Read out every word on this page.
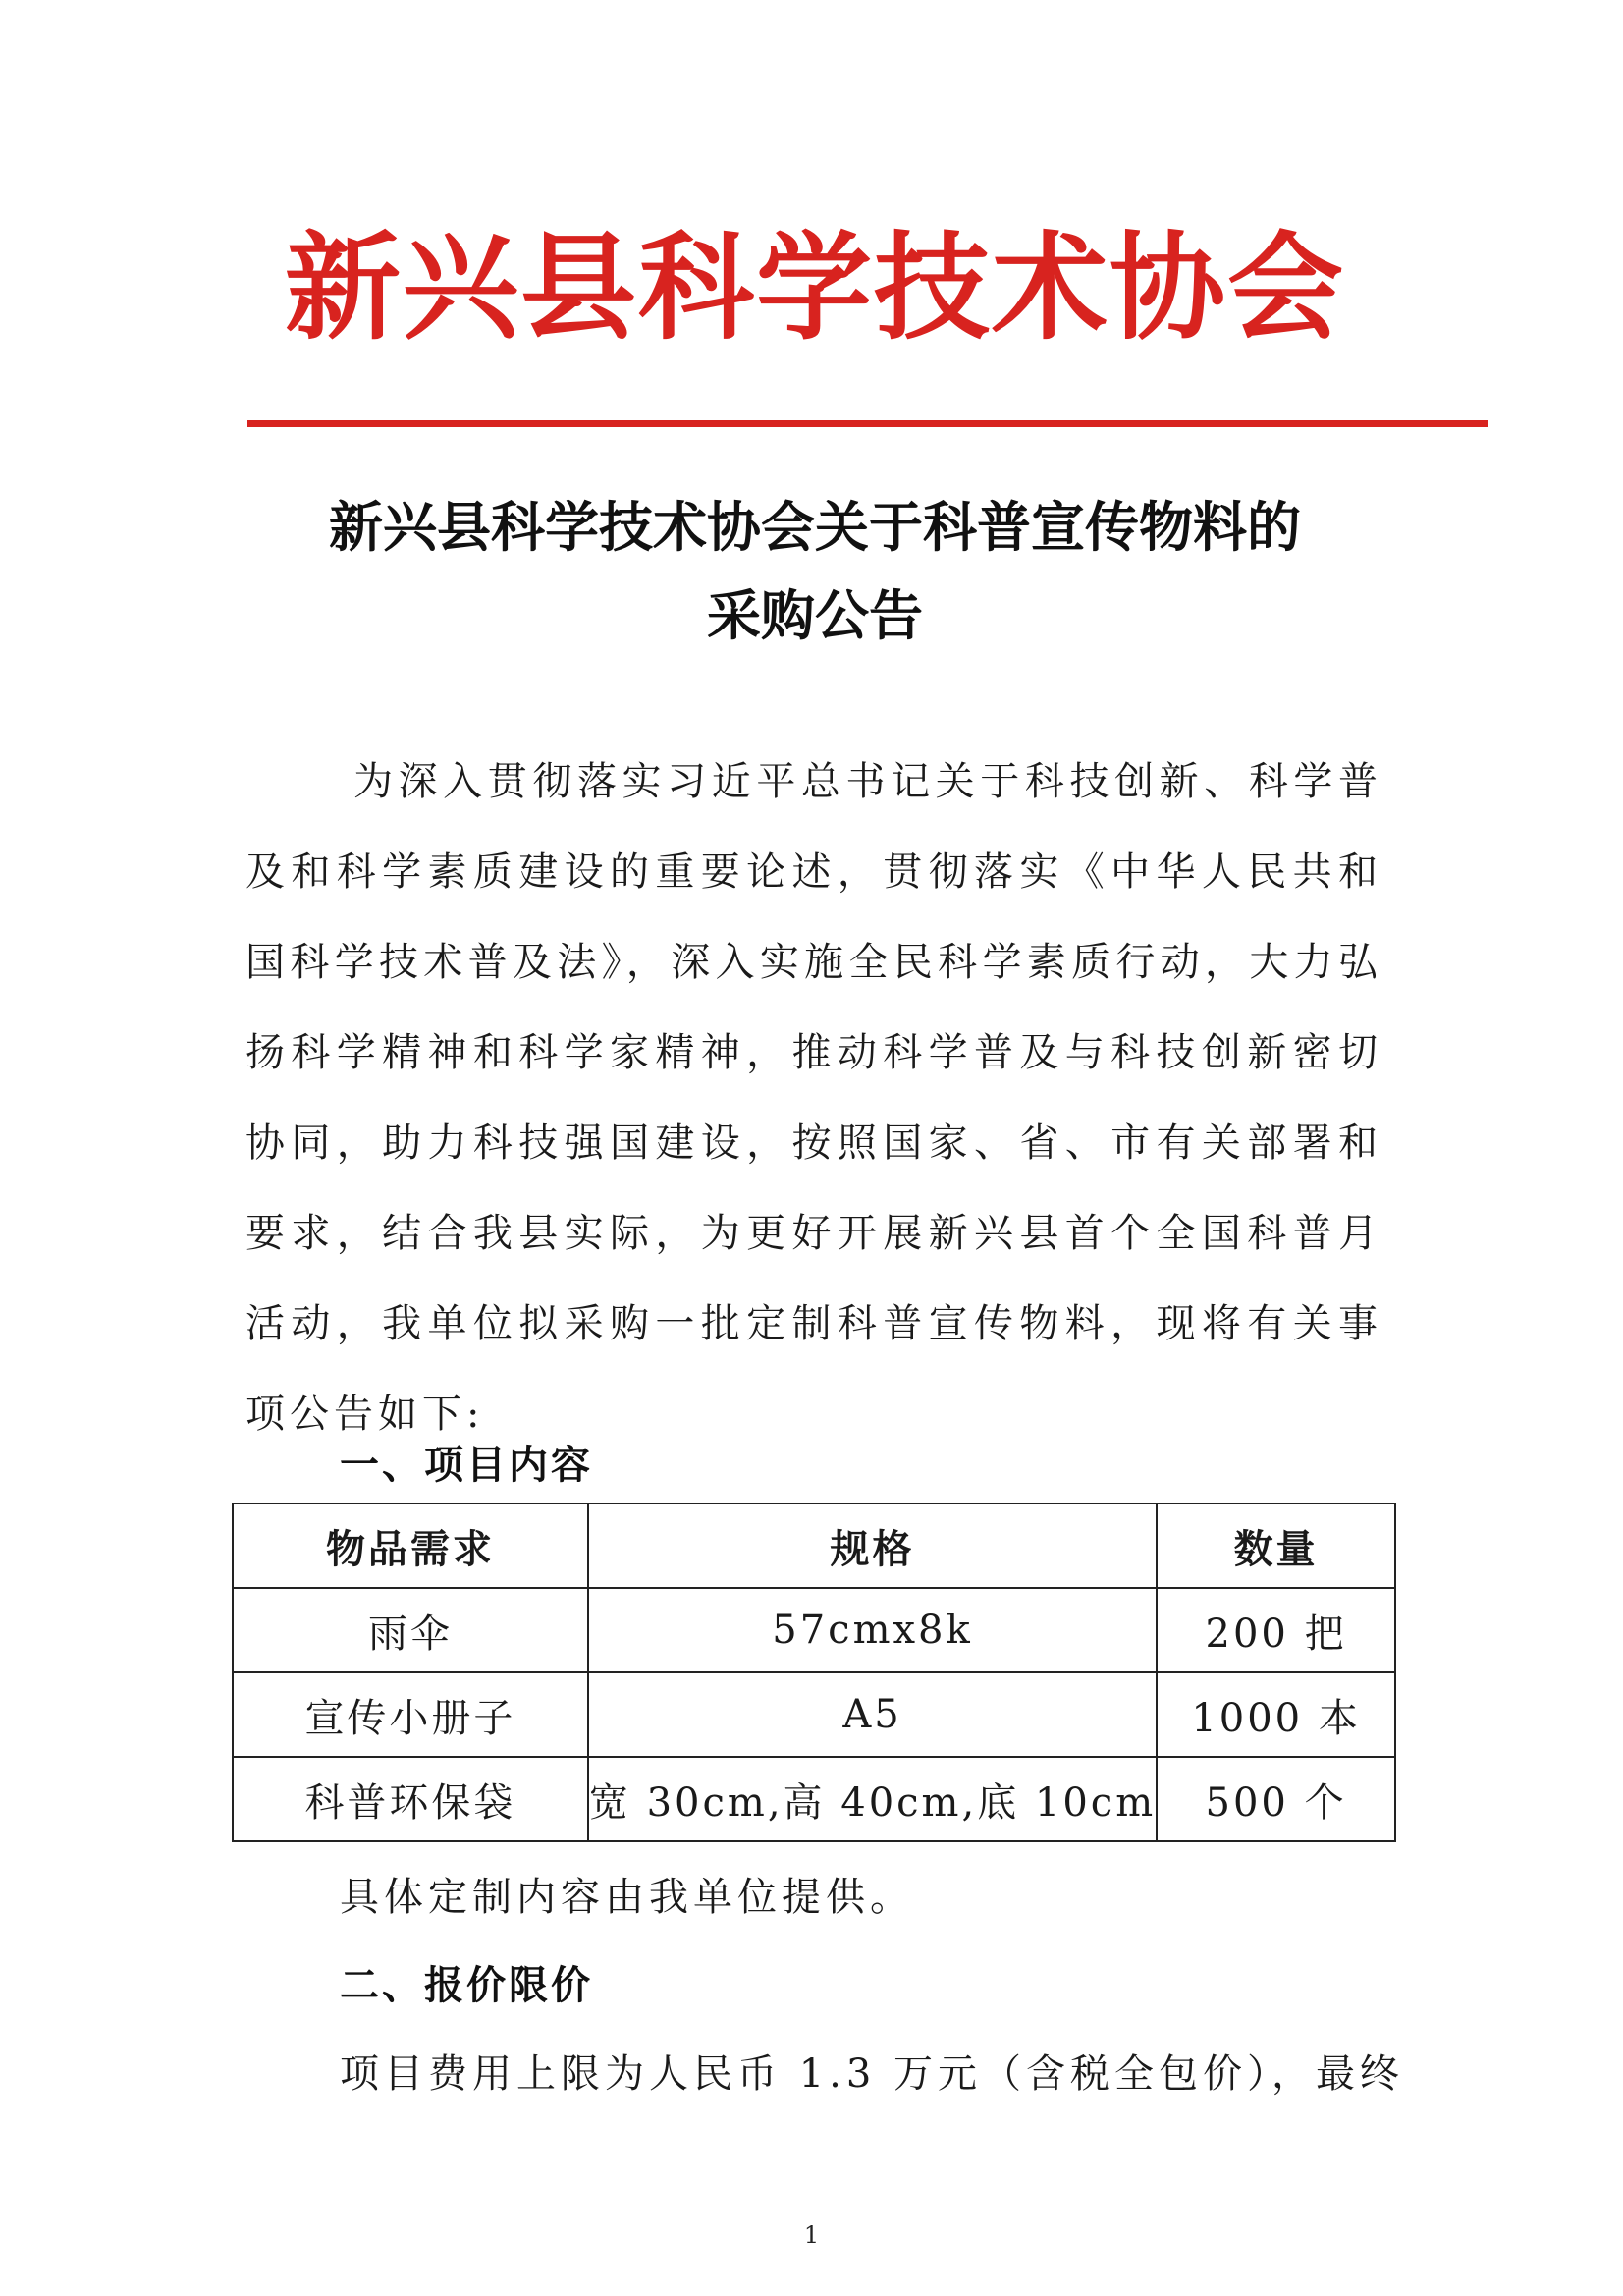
新兴县科学技术协会
新兴县科学技术协会关于科普宣传物料的
采购公告

为深入贯彻落实习近平总书记关于科技创新、科学普及和科学素质建设的重要论述，贯彻落实《中华人民共和国科学技术普及法》，深入实施全民科学素质行动，大力弘扬科学精神和科学家精神，推动科学普及与科技创新密切协同，助力科技强国建设，按照国家、省、市有关部署和要求，结合我县实际，为更好开展新兴县首个全国科普月活动，我单位拟采购一批定制科普宣传物料，现将有关事项公告如下:

一、项目内容
物品需求	规格	数量
雨伞	57cmx8k	200 把
宣传小册子	A5	1000 本
科普环保袋	宽 30cm,高 40cm,底 10cm	500 个
具体定制内容由我单位提供。
二、报价限价
项目费用上限为人民币 1.3 万元（含税全包价），最终
1
